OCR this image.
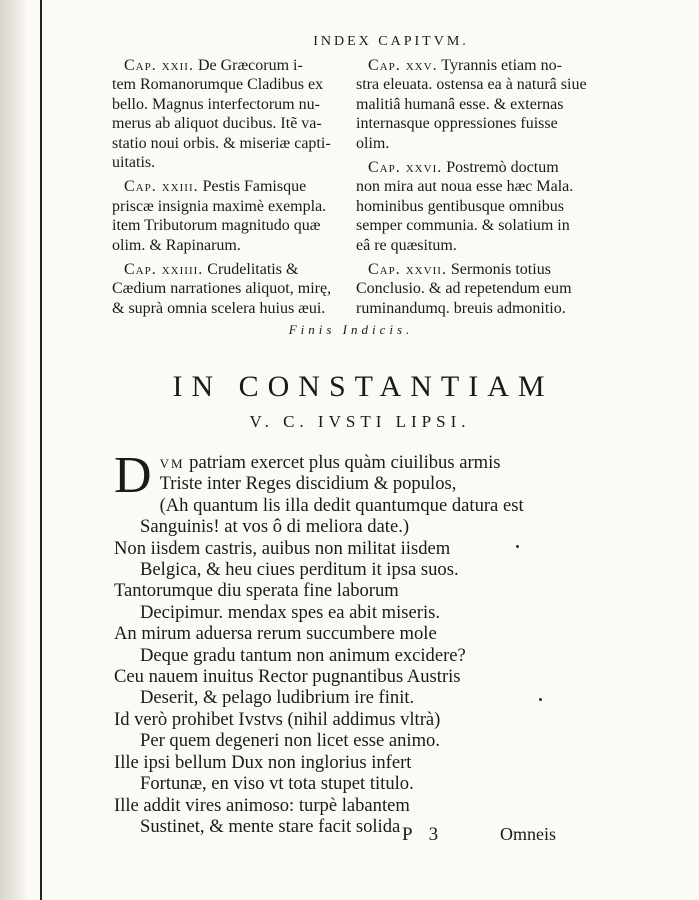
INDEX CAPITVM.
Cap. xxii. De Græcorum i-
tem Romanorumque Cladibus ex
bello. Magnus interfectorum nu-
merus ab aliquot ducibus. Itẽ va-
statio noui orbis. & miseriæ capti-
uitatis.
Cap. xxiii. Pestis Famisque
priscæ insignia maximè exempla.
item Tributorum magnitudo quæ
olim. & Rapinarum.
Cap. xxiiii. Crudelitatis &
Cædium narrationes aliquot, mirę,
& suprà omnia scelera huius æui.
Cap. xxv. Tyrannis etiam no-
stra eleuata. ostensa ea à naturâ siue
malitiâ humanâ esse. & externas
internasque oppressiones fuisse
olim.
Cap. xxvi. Postremò doctum
non mira aut noua esse hæc Mala.
hominibus gentibusque omnibus
semper communia. & solatium in
eâ re quæsitum.
Cap. xxvii. Sermonis totius
Conclusio. & ad repetendum eum
ruminandumq. breuis admonitio.
Finis Indicis.
IN CONSTANTIAM
V. C. IVSTI LIPSI.
Dvm patriam exercet plus quàm ciuilibus armis
Triste inter Reges discidium & populos,
(Ah quantum lis illa dedit quantumque datura est
Sanguinis! at vos ô di meliora date.)
Non iisdem castris, auibus non militat iisdem
Belgica, & heu ciues perditum it ipsa suos.
Tantorumque diu sperata fine laborum
Decipimur. mendax spes ea abit miseris.
An mirum aduersa rerum succumbere mole
Deque gradu tantum non animum excidere?
Ceu nauem inuitus Rector pugnantibus Austris
Deserit, & pelago ludibrium ire finit.
Id verò prohibet Ivstvs (nihil addimus vltrà)
Per quem degeneri non licet esse animo.
Ille ipsi bellum Dux non inglorius infert
Fortunæ, en viso vt tota stupet titulo.
Ille addit vires animoso: turpè labantem
Sustinet, & mente stare facit solida P 3	Omneis
